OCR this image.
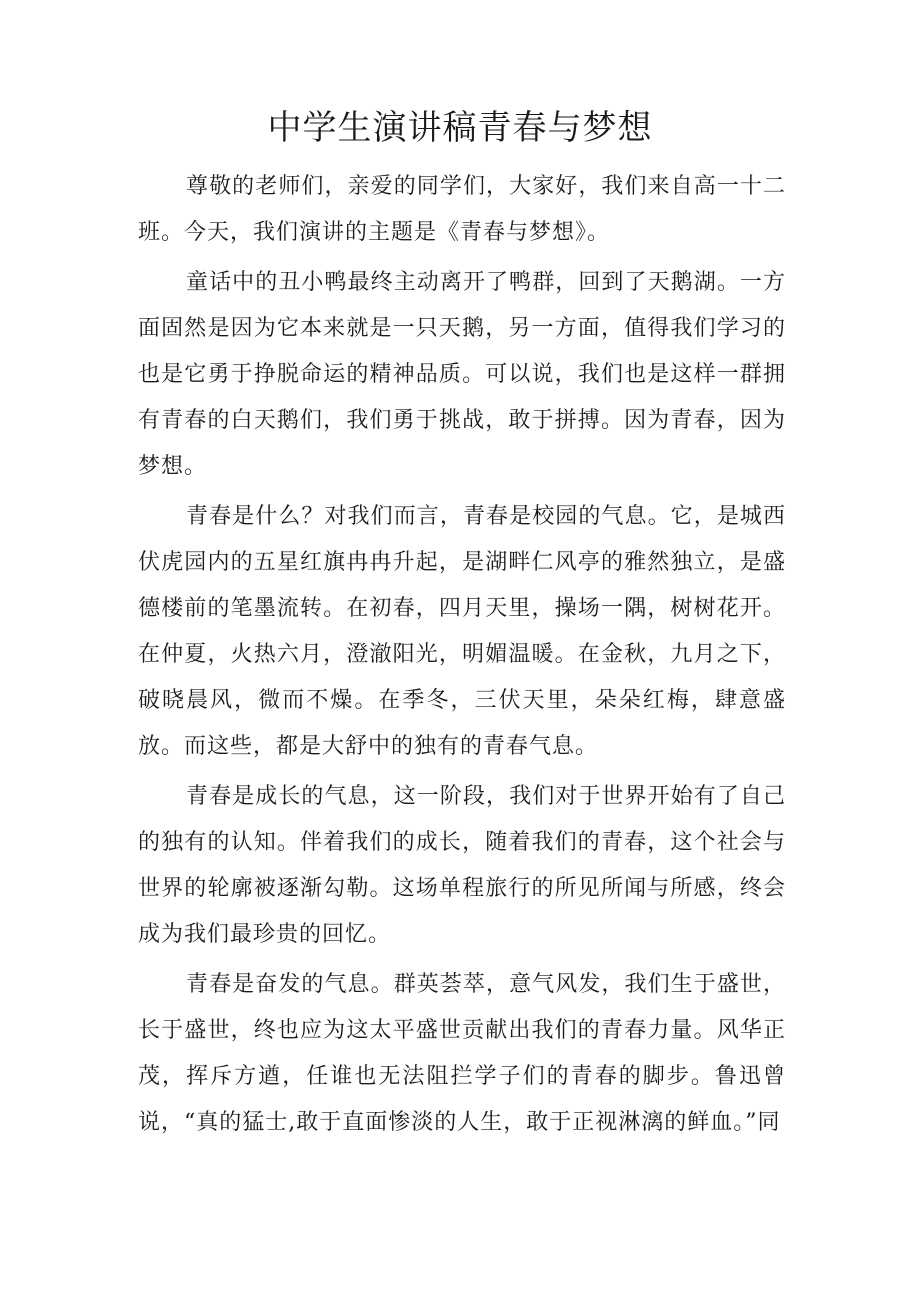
中学生演讲稿青春与梦想

尊敬的老师们，亲爱的同学们，大家好，我们来自高一十二班。今天，我们演讲的主题是《青春与梦想》。

童话中的丑小鸭最终主动离开了鸭群，回到了天鹅湖。一方面固然是因为它本来就是一只天鹅，另一方面，值得我们学习的也是它勇于挣脱命运的精神品质。可以说，我们也是这样一群拥有青春的白天鹅们，我们勇于挑战，敢于拼搏。因为青春，因为梦想。

青春是什么？对我们而言，青春是校园的气息。它，是城西伏虎园内的五星红旗冉冉升起，是湖畔仁风亭的雅然独立，是盛德楼前的笔墨流转。在初春，四月天里，操场一隅，树树花开。在仲夏，火热六月，澄澈阳光，明媚温暖。在金秋，九月之下，破晓晨风，微而不燥。在季冬，三伏天里，朵朵红梅，肆意盛放。而这些，都是大舒中的独有的青春气息。

青春是成长的气息，这一阶段，我们对于世界开始有了自己的独有的认知。伴着我们的成长，随着我们的青春，这个社会与世界的轮廓被逐渐勾勒。这场单程旅行的所见所闻与所感，终会成为我们最珍贵的回忆。

青春是奋发的气息。群英荟萃，意气风发，我们生于盛世，长于盛世，终也应为这太平盛世贡献出我们的青春力量。风华正茂，挥斥方遒，任谁也无法阻拦学子们的青春的脚步。鲁迅曾说，“真的猛士,敢于直面惨淡的人生，敢于正视淋漓的鲜血。”同
